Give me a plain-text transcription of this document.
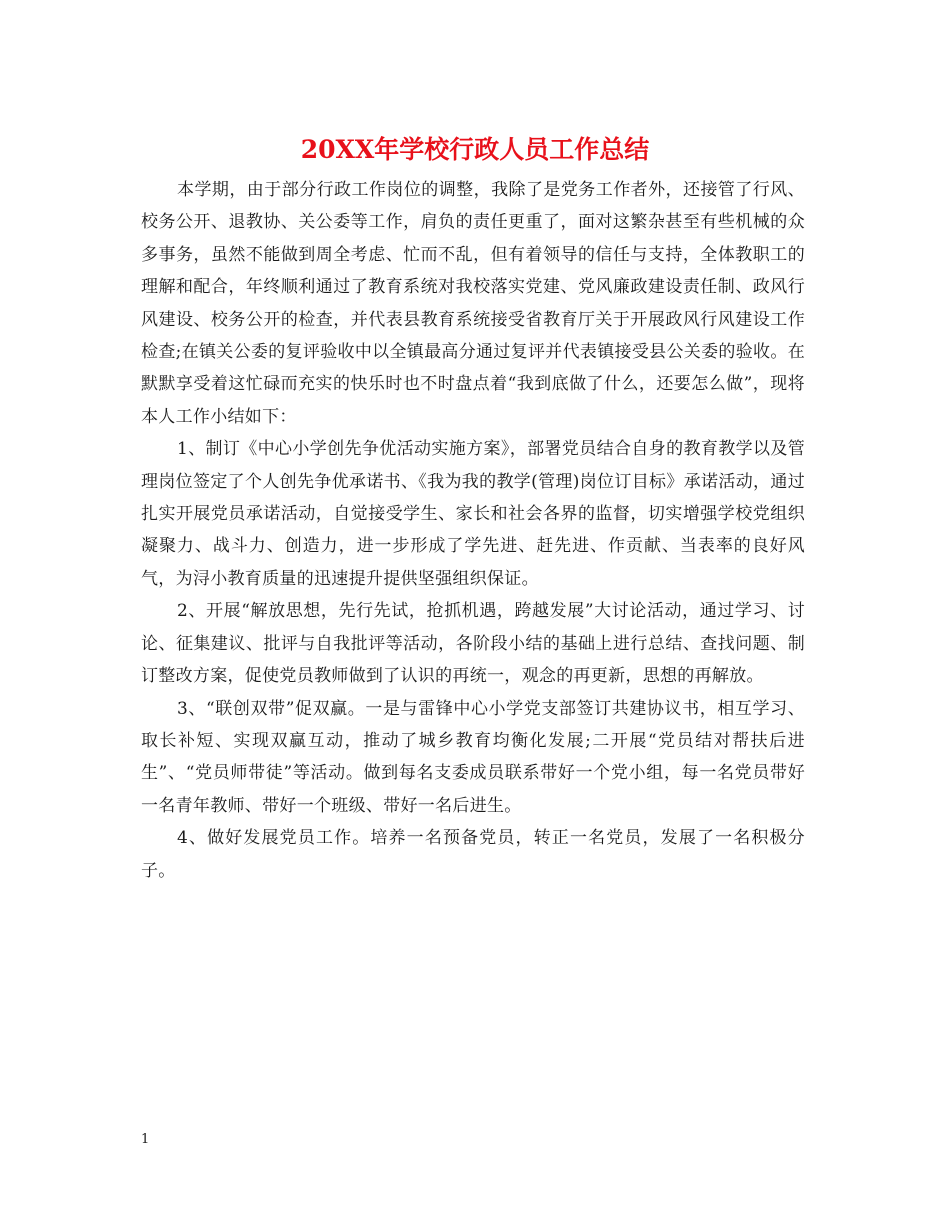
20XX年学校行政人员工作总结

本学期，由于部分行政工作岗位的调整，我除了是党务工作者外，还接管了行风、校务公开、退教协、关公委等工作，肩负的责任更重了，面对这繁杂甚至有些机械的众多事务，虽然不能做到周全考虑、忙而不乱，但有着领导的信任与支持，全体教职工的理解和配合，年终顺利通过了教育系统对我校落实党建、党风廉政建设责任制、政风行风建设、校务公开的检查，并代表县教育系统接受省教育厅关于开展政风行风建设工作检查;在镇关公委的复评验收中以全镇最高分通过复评并代表镇接受县公关委的验收。在默默享受着这忙碌而充实的快乐时也不时盘点着“我到底做了什么，还要怎么做”，现将本人工作小结如下：

1、制订《中心小学创先争优活动实施方案》，部署党员结合自身的教育教学以及管理岗位签定了个人创先争优承诺书、《我为我的教学(管理)岗位订目标》承诺活动，通过扎实开展党员承诺活动，自觉接受学生、家长和社会各界的监督，切实增强学校党组织凝聚力、战斗力、创造力，进一步形成了学先进、赶先进、作贡献、当表率的良好风气，为浔小教育质量的迅速提升提供坚强组织保证。

2、开展“解放思想，先行先试，抢抓机遇，跨越发展”大讨论活动，通过学习、讨论、征集建议、批评与自我批评等活动，各阶段小结的基础上进行总结、查找问题、制订整改方案，促使党员教师做到了认识的再统一，观念的再更新，思想的再解放。

3、“联创双带”促双赢。一是与雷锋中心小学党支部签订共建协议书，相互学习、取长补短、实现双赢互动，推动了城乡教育均衡化发展;二开展“党员结对帮扶后进生”、“党员师带徒”等活动。做到每名支委成员联系带好一个党小组，每一名党员带好一名青年教师、带好一个班级、带好一名后进生。

4、做好发展党员工作。培养一名预备党员，转正一名党员，发展了一名积极分子。

1
